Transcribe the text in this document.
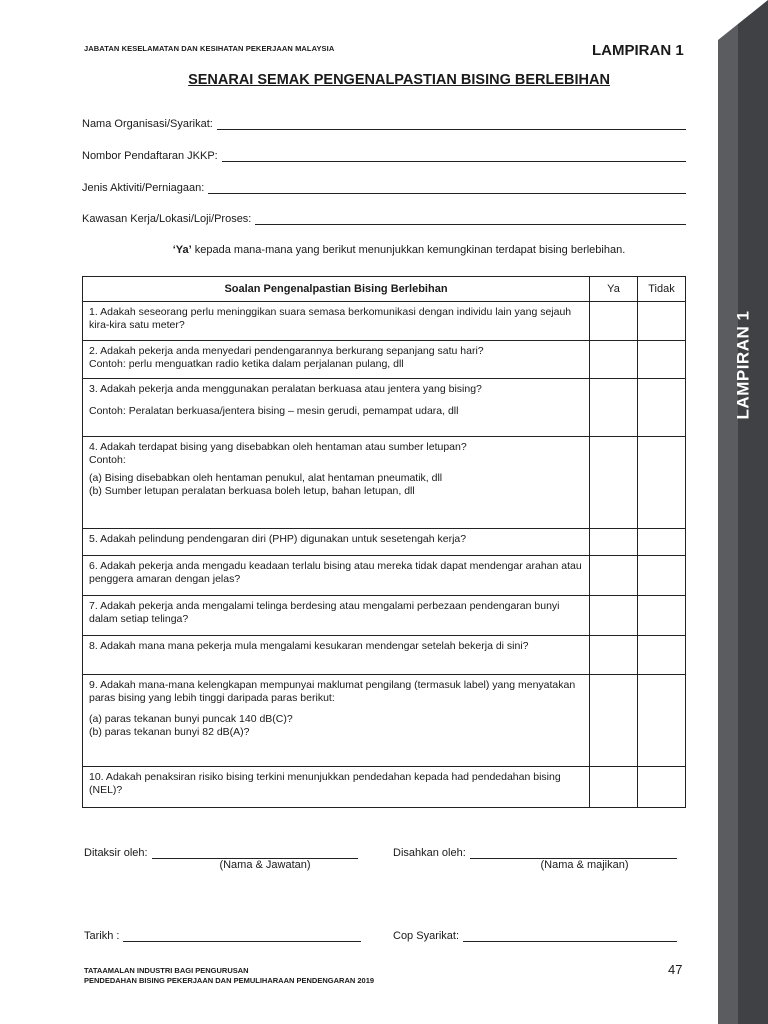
LAMPIRAN 1
JABATAN KESELAMATAN DAN KESIHATAN PEKERJAAN MALAYSIA	LAMPIRAN 1
SENARAI SEMAK PENGENALPASTIAN BISING BERLEBIHAN
Nama Organisasi/Syarikat:
Nombor Pendaftaran JKKP:
Jenis Aktiviti/Perniagaan:
Kawasan Kerja/Lokasi/Loji/Proses:
‘Ya’ kepada mana-mana yang berikut menunjukkan kemungkinan terdapat bising berlebihan.
Soalan Pengenalpastian Bising Berlebihan	Ya	Tidak

1. Adakah seseorang perlu meninggikan suara semasa berkomunikasi dengan individu lain yang sejauh kira-kira satu meter?		

2. Adakah pekerja anda menyedari pendengarannya berkurang sepanjang satu hari?
Contoh: perlu menguatkan radio ketika dalam perjalanan pulang, dll		

3. Adakah pekerja anda menggunakan peralatan berkuasa atau jentera yang bising?
Contoh: Peralatan berkuasa/jentera bising – mesin gerudi, pemampat udara, dll		

4. Adakah terdapat bising yang disebabkan oleh hentaman atau sumber letupan?
Contoh:
(a) Bising disebabkan oleh hentaman penukul, alat hentaman pneumatik, dll
(b) Sumber letupan peralatan berkuasa boleh letup, bahan letupan, dll		

5. Adakah pelindung pendengaran diri (PHP) digunakan untuk sesetengah kerja?		

6. Adakah pekerja anda mengadu keadaan terlalu bising atau mereka tidak dapat mendengar arahan atau penggera amaran dengan jelas?		

7. Adakah pekerja anda mengalami telinga berdesing atau mengalami perbezaan pendengaran bunyi dalam setiap telinga?		

8. Adakah mana mana pekerja mula mengalami kesukaran mendengar setelah bekerja di sini?		

9. Adakah mana-mana kelengkapan mempunyai maklumat pengilang (termasuk label) yang menyatakan paras bising yang lebih tinggi daripada paras berikut:
(a) paras tekanan bunyi puncak 140 dB(C)?
(b) paras tekanan bunyi 82 dB(A)?		

10. Adakah penaksiran risiko bising terkini menunjukkan pendedahan kepada had pendedahan bising (NEL)?		

Ditaksir oleh:
(Nama & Jawatan)
Disahkan oleh:
(Nama & majikan)
Tarikh :	Cop Syarikat:
TATAAMALAN INDUSTRI BAGI PENGURUSAN
PENDEDAHAN BISING PEKERJAAN DAN PEMULIHARAAN PENDENGARAN 2019
47
